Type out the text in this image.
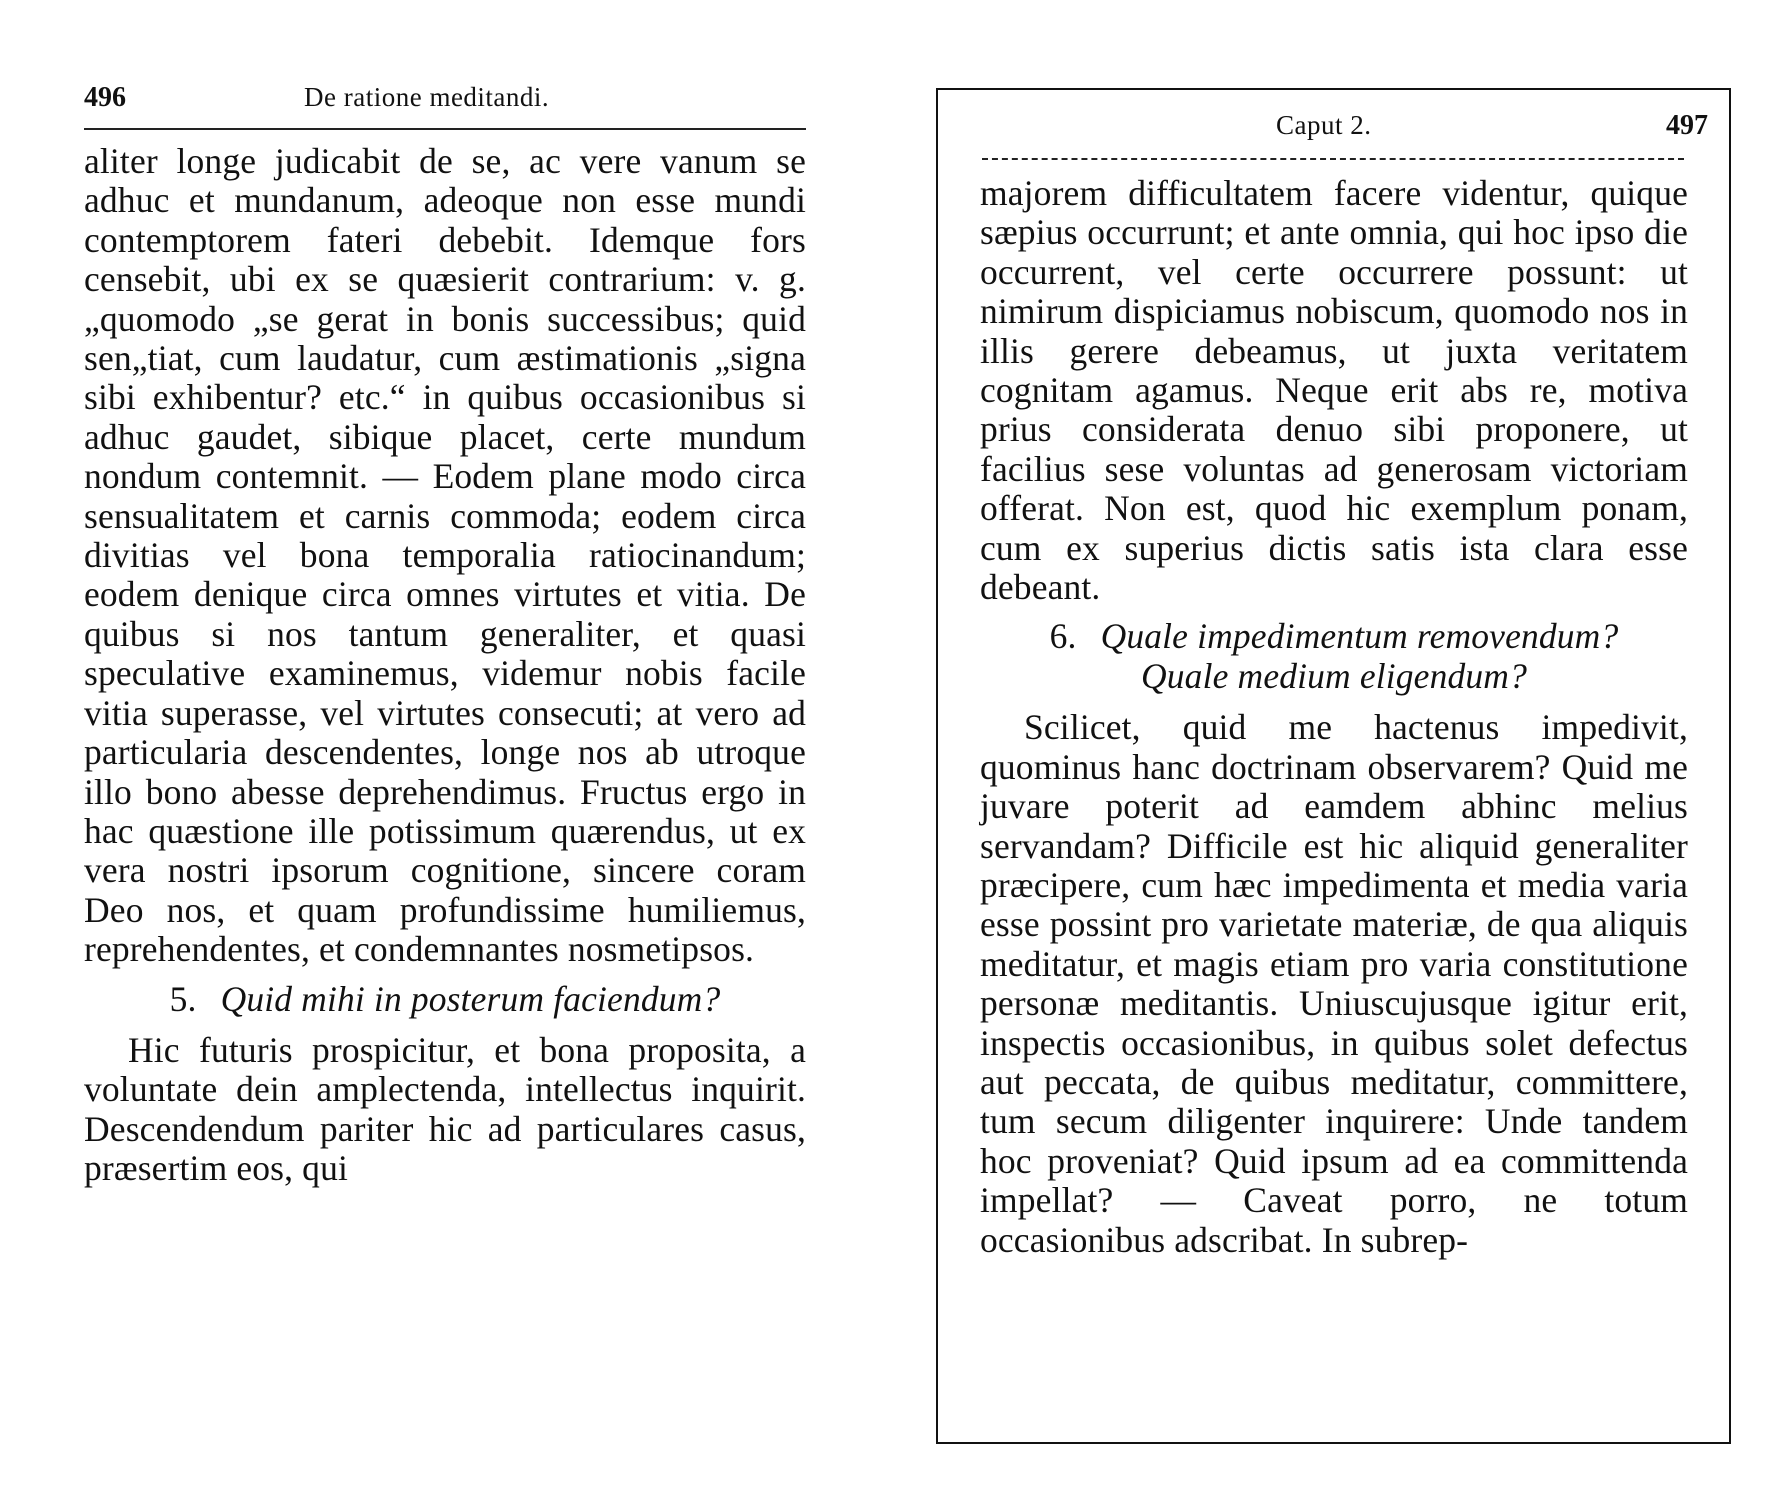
496	De ratione meditandi.

aliter longe judicabit de se, ac vere vanum se adhuc et mundanum, adeoque non esse mundi contemptorem fateri debebit. Idemque fors censebit, ubi ex se quæsierit contrarium: v. g. „quomodo „se gerat in bonis successibus; quid sen„tiat, cum laudatur, cum æstimationis „signa sibi exhibentur? etc.“ in quibus occasionibus si adhuc gaudet, sibique placet, certe mundum nondum contemnit. — Eodem plane modo circa sensualitatem et carnis commoda; eodem circa divitias vel bona temporalia ratiocinandum; eodem denique circa omnes virtutes et vitia. De quibus si nos tantum generaliter, et quasi speculative examinemus, videmur nobis facile vitia superasse, vel virtutes consecuti; at vero ad particularia descendentes, longe nos ab utroque illo bono abesse deprehendimus. Fructus ergo in hac quæstione ille potissimum quærendus, ut ex vera nostri ipsorum cognitione, sincere coram Deo nos, et quam profundissime humiliemus, reprehendentes, et condemnantes nosmetipsos.

5. Quid mihi in posterum faciendum?

Hic futuris prospicitur, et bona proposita, a voluntate dein amplectenda, intellectus inquirit. Descendendum pariter hic ad particulares casus, præsertim eos, qui

Caput 2.	497

majorem difficultatem facere videntur, quique sæpius occurrunt; et ante omnia, qui hoc ipso die occurrent, vel certe occurrere possunt: ut nimirum dispiciamus nobiscum, quomodo nos in illis gerere debeamus, ut juxta veritatem cognitam agamus. Neque erit abs re, motiva prius considerata denuo sibi proponere, ut facilius sese voluntas ad generosam victoriam offerat. Non est, quod hic exemplum ponam, cum ex superius dictis satis ista clara esse debeant.

6. Quale impedimentum removendum?
Quale medium eligendum?

Scilicet, quid me hactenus impedivit, quominus hanc doctrinam observarem? Quid me juvare poterit ad eamdem abhinc melius servandam? Difficile est hic aliquid generaliter præcipere, cum hæc impedimenta et media varia esse possint pro varietate materiæ, de qua aliquis meditatur, et magis etiam pro varia constitutione personæ meditantis. Uniuscujusque igitur erit, inspectis occasionibus, in quibus solet defectus aut peccata, de quibus meditatur, committere, tum secum diligenter inquirere: Unde tandem hoc proveniat? Quid ipsum ad ea committenda impellat? — Caveat porro, ne totum occasionibus adscribat. In subrep-
